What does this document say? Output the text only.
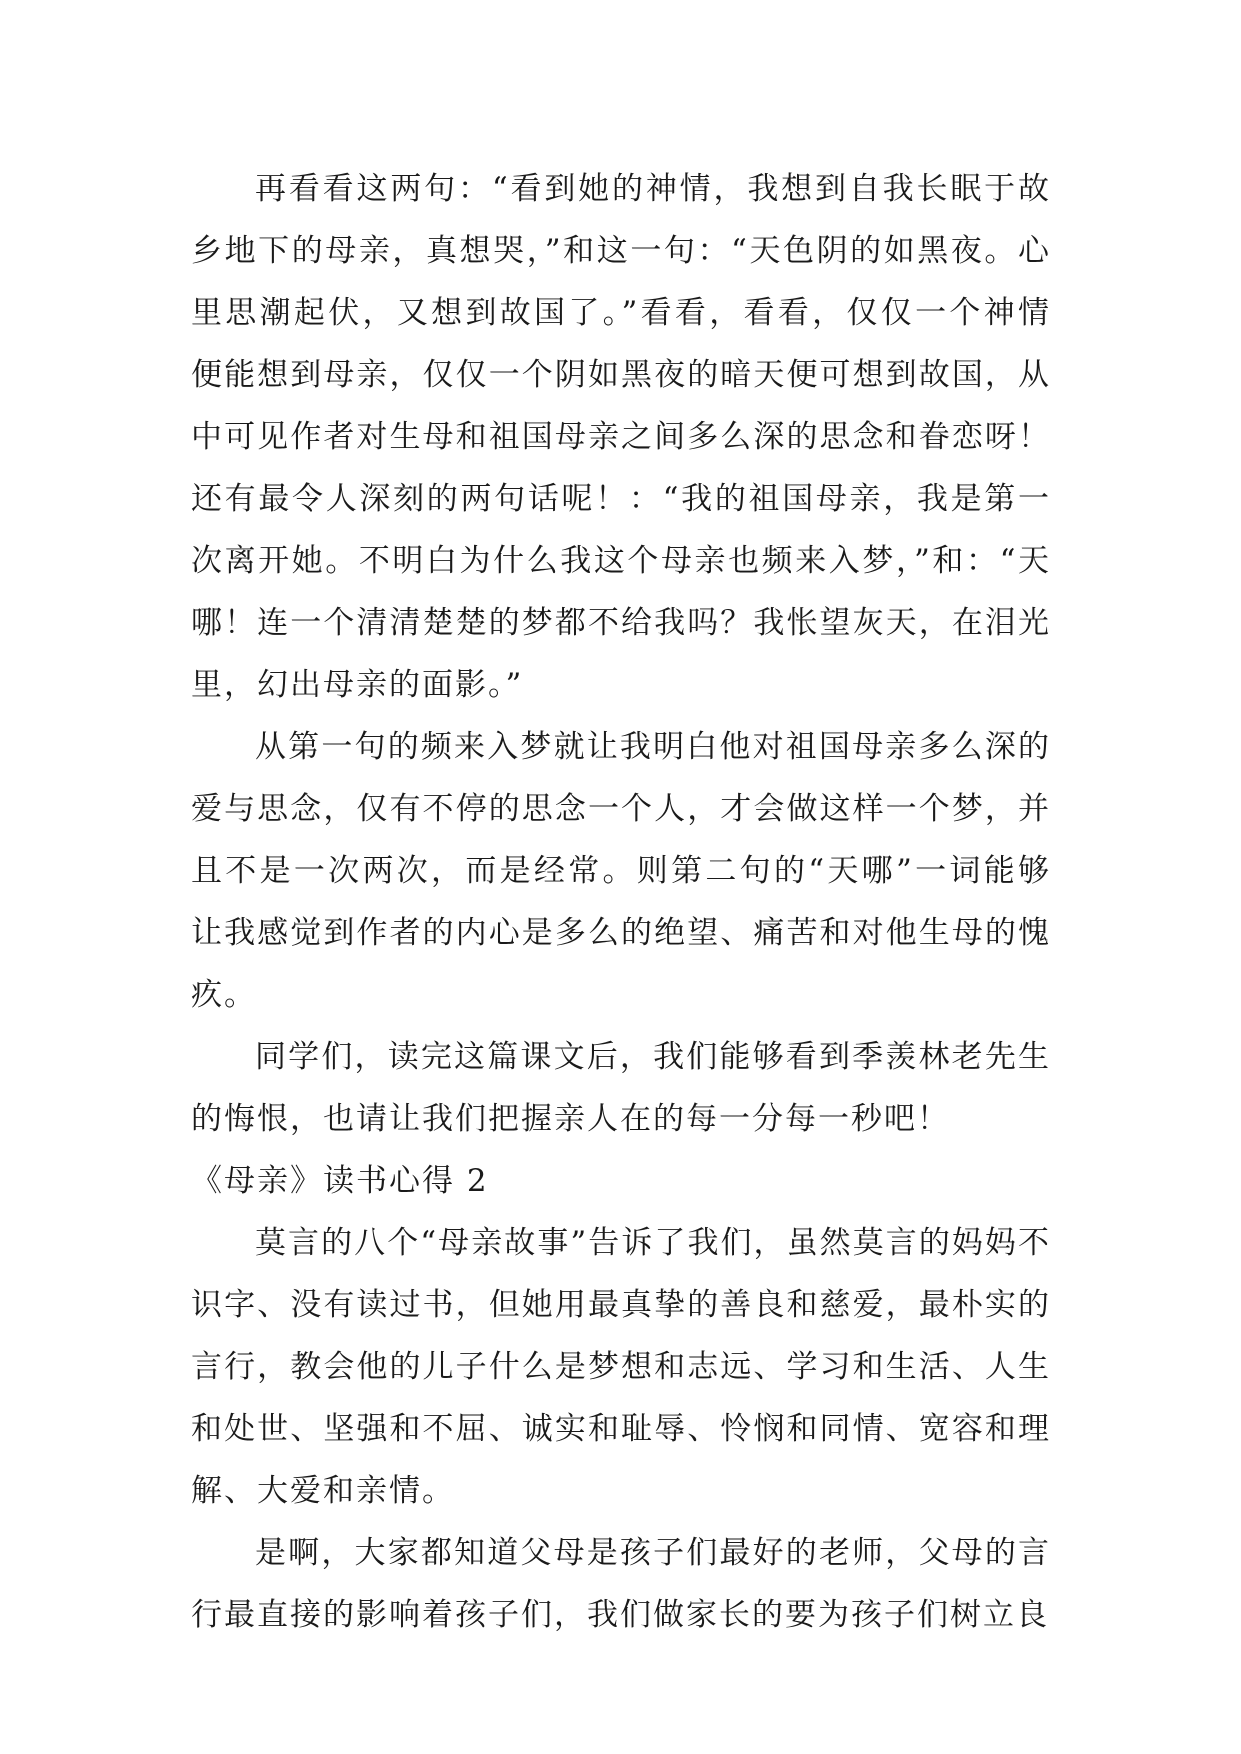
再看看这两句：“看到她的神情，我想到自我长眠于故乡地下的母亲，真想哭，”和这一句：“天色阴的如黑夜。心里思潮起伏，又想到故国了。”看看，看看，仅仅一个神情便能想到母亲，仅仅一个阴如黑夜的暗天便可想到故国，从中可见作者对生母和祖国母亲之间多么深的思念和眷恋呀！还有最令人深刻的两句话呢！：“我的祖国母亲，我是第一次离开她。不明白为什么我这个母亲也频来入梦，”和：“天哪！连一个清清楚楚的梦都不给我吗？我怅望灰天，在泪光里，幻出母亲的面影。”

从第一句的频来入梦就让我明白他对祖国母亲多么深的爱与思念，仅有不停的思念一个人，才会做这样一个梦，并且不是一次两次，而是经常。则第二句的“天哪”一词能够让我感觉到作者的内心是多么的绝望、痛苦和对他生母的愧疚。

同学们，读完这篇课文后，我们能够看到季羡林老先生的悔恨，也请让我们把握亲人在的每一分每一秒吧！

《母亲》读书心得 2

莫言的八个“母亲故事”告诉了我们，虽然莫言的妈妈不识字、没有读过书，但她用最真挚的善良和慈爱，最朴实的言行，教会他的儿子什么是梦想和志远、学习和生活、人生和处世、坚强和不屈、诚实和耻辱、怜悯和同情、宽容和理解、大爱和亲情。

是啊，大家都知道父母是孩子们最好的老师，父母的言行最直接的影响着孩子们，我们做家长的要为孩子们树立良
